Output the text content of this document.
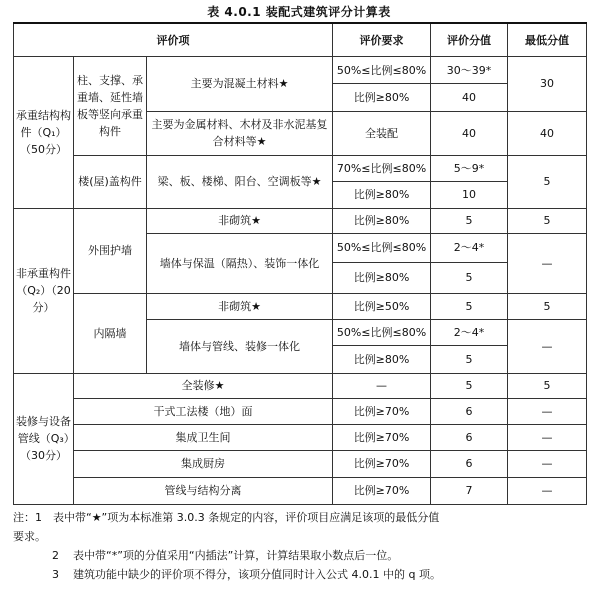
表 4.0.1 装配式建筑评分计算表
评价项			评价要求	评价分值	最低分值
承重结构构件（Q₁）（50分）	柱、支撑、承重墙、延性墙板等竖向承重构件	主要为混凝土材料★	50%≤比例≤80%	30～39*	30
			比例≥80%	40	
		主要为金属材料、木材及非水泥基复合材料等★	全装配	40	40
	楼(屋)盖构件	梁、板、楼梯、阳台、空调板等★	70%≤比例≤80%	5～9*	5
			比例≥80%	10	
非承重构件（Q₂）（20分）	外围护墙	非砌筑★	比例≥80%	5	5
		墙体与保温（隔热）、装饰一体化	50%≤比例≤80%	2～4*	—
			比例≥80%	5	

	内隔墙	非砌筑★	比例≥50%	5	5
		墙体与管线、装修一体化	50%≤比例≤80%	2～4*	—
			比例≥80%	5	

装修与设备管线（Q₃）（30分）	全装修★		—	5	5
	干式工法楼（地）面		比例≥70%	6	—
	集成卫生间		比例≥70%	6	—
	集成厨房		比例≥70%	6	—
	管线与结构分离		比例≥70%	7	—
注：1	表中带“★”项为本标准第 3.0.3 条规定的内容，评价项目应满足该项的最低分值
要求。
2	表中带“*”项的分值采用“内插法”计算，计算结果取小数点后一位。
3	建筑功能中缺少的评价项不得分，该项分值同时计入公式 4.0.1 中的 q 项。
